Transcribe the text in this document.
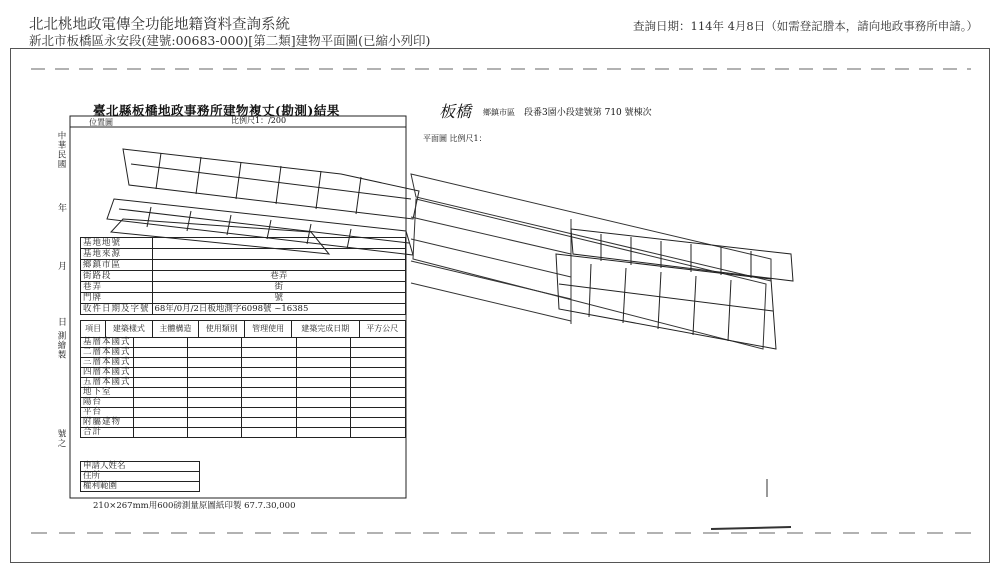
北北桃地政電傳全功能地籍資料查詢系統
新北市板橋區永安段(建號:00683-000)[第二類]建物平面圖(已縮小列印)
查詢日期：114年 4月8日（如需登記謄本，請向地政事務所申請。）
臺北縣板橋地政事務所建物複丈(勘測)結果	板橋 鄉鎮市區 段番3園小段建號第 710 號棟次
平面圖 比例尺1：
位置圖	比例尺1：/200
中華民國
年
月
日
測繪製
號之
基地地號	
基地來源	
鄉鎮市區	
街路段	巷弄
巷弄	街
門牌	號
收件日期及字號	68年/0月/2日板地測字6098號 ~16385
項目	建築樣式	主體構造	使用類別	管理使用	建築完成日期	平方公尺
基層本國式					
二層本國式					
三層本國式					
四層本國式					
五層本國式					
地下室					
陽台					
平台					
附屬建物					
合計					
申請人姓名
住所
權利範圍
210×267mm用600磅測量原圖紙印製 67.7.30,000
